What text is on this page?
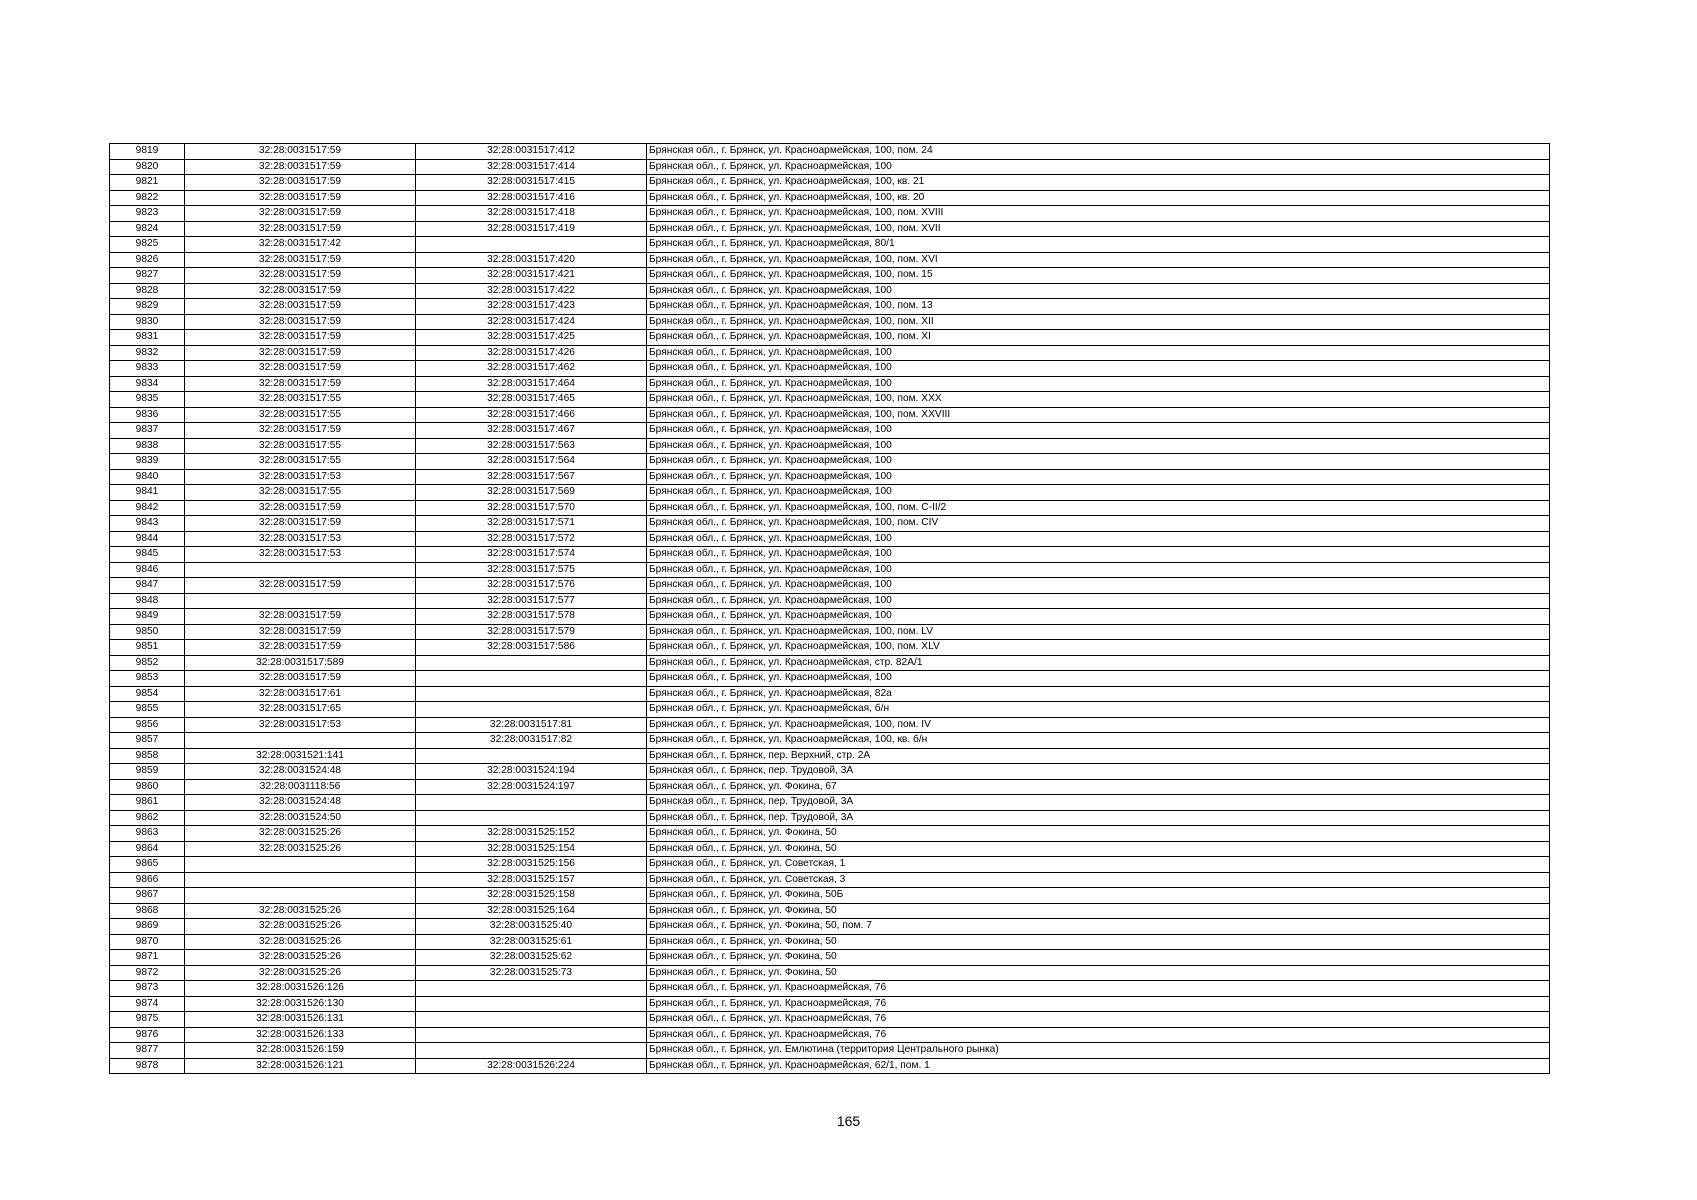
9819	32:28:0031517:59	32:28:0031517:412	Брянская обл., г. Брянск, ул. Красноармейская, 100, пом. 24
9820	32:28:0031517:59	32:28:0031517:414	Брянская обл., г. Брянск, ул. Красноармейская, 100
9821	32:28:0031517:59	32:28:0031517:415	Брянская обл., г. Брянск, ул. Красноармейская, 100, кв. 21
9822	32:28:0031517:59	32:28:0031517:416	Брянская обл., г. Брянск, ул. Красноармейская, 100, кв. 20
9823	32:28:0031517:59	32:28:0031517:418	Брянская обл., г. Брянск, ул. Красноармейская, 100, пом. XVIII
9824	32:28:0031517:59	32:28:0031517:419	Брянская обл., г. Брянск, ул. Красноармейская, 100, пом. XVII
9825	32:28:0031517:42		Брянская обл., г. Брянск, ул. Красноармейская, 80/1
9826	32:28:0031517:59	32:28:0031517:420	Брянская обл., г. Брянск, ул. Красноармейская, 100, пом. XVI
9827	32:28:0031517:59	32:28:0031517:421	Брянская обл., г. Брянск, ул. Красноармейская, 100, пом. 15
9828	32:28:0031517:59	32:28:0031517:422	Брянская обл., г. Брянск, ул. Красноармейская, 100
9829	32:28:0031517:59	32:28:0031517:423	Брянская обл., г. Брянск, ул. Красноармейская, 100, пом. 13
9830	32:28:0031517:59	32:28:0031517:424	Брянская обл., г. Брянск, ул. Красноармейская, 100, пом. XII
9831	32:28:0031517:59	32:28:0031517:425	Брянская обл., г. Брянск, ул. Красноармейская, 100, пом. XI
9832	32:28:0031517:59	32:28:0031517:426	Брянская обл., г. Брянск, ул. Красноармейская, 100
9833	32:28:0031517:59	32:28:0031517:462	Брянская обл., г. Брянск, ул. Красноармейская, 100
9834	32:28:0031517:59	32:28:0031517:464	Брянская обл., г. Брянск, ул. Красноармейская, 100
9835	32:28:0031517:55	32:28:0031517:465	Брянская обл., г. Брянск, ул. Красноармейская, 100, пом. XXX
9836	32:28:0031517:55	32:28:0031517:466	Брянская обл., г. Брянск, ул. Красноармейская, 100, пом. XXVIII
9837	32:28:0031517:59	32:28:0031517:467	Брянская обл., г. Брянск, ул. Красноармейская, 100
9838	32:28:0031517:55	32:28:0031517:563	Брянская обл., г. Брянск, ул. Красноармейская, 100
9839	32:28:0031517:55	32:28:0031517:564	Брянская обл., г. Брянск, ул. Красноармейская, 100
9840	32:28:0031517:53	32:28:0031517:567	Брянская обл., г. Брянск, ул. Красноармейская, 100
9841	32:28:0031517:55	32:28:0031517:569	Брянская обл., г. Брянск, ул. Красноармейская, 100
9842	32:28:0031517:59	32:28:0031517:570	Брянская обл., г. Брянск, ул. Красноармейская, 100, пом. С-II/2
9843	32:28:0031517:59	32:28:0031517:571	Брянская обл., г. Брянск, ул. Красноармейская, 100, пом. CIV
9844	32:28:0031517:53	32:28:0031517:572	Брянская обл., г. Брянск, ул. Красноармейская, 100
9845	32:28:0031517:53	32:28:0031517:574	Брянская обл., г. Брянск, ул. Красноармейская, 100
9846		32:28:0031517:575	Брянская обл., г. Брянск, ул. Красноармейская, 100
9847	32:28:0031517:59	32:28:0031517:576	Брянская обл., г. Брянск, ул. Красноармейская, 100
9848		32:28:0031517:577	Брянская обл., г. Брянск, ул. Красноармейская, 100
9849	32:28:0031517:59	32:28:0031517:578	Брянская обл., г. Брянск, ул. Красноармейская, 100
9850	32:28:0031517:59	32:28:0031517:579	Брянская обл., г. Брянск, ул. Красноармейская, 100, пом. LV
9851	32:28:0031517:59	32:28:0031517:586	Брянская обл., г. Брянск, ул. Красноармейская, 100, пом. XLV
9852	32:28:0031517:589		Брянская обл., г. Брянск, ул. Красноармейская, стр. 82А/1
9853	32:28:0031517:59		Брянская обл., г. Брянск, ул. Красноармейская, 100
9854	32:28:0031517:61		Брянская обл., г. Брянск, ул. Красноармейская, 82а
9855	32:28:0031517:65		Брянская обл., г. Брянск, ул. Красноармейская, б/н
9856	32:28:0031517:53	32:28:0031517:81	Брянская обл., г. Брянск, ул. Красноармейская, 100, пом. IV
9857		32:28:0031517:82	Брянская обл., г. Брянск, ул. Красноармейская, 100, кв. б/н
9858	32:28:0031521:141		Брянская обл., г. Брянск, пер. Верхний, стр. 2А
9859	32:28:0031524:48	32:28:0031524:194	Брянская обл., г. Брянск, пер. Трудовой, 3А
9860	32:28:0031118:56	32:28:0031524:197	Брянская обл., г. Брянск, ул. Фокина, 67
9861	32:28:0031524:48		Брянская обл., г. Брянск, пер. Трудовой, 3А
9862	32:28:0031524:50		Брянская обл., г. Брянск, пер. Трудовой, 3А
9863	32:28:0031525:26	32:28:0031525:152	Брянская обл., г. Брянск, ул. Фокина, 50
9864	32:28:0031525:26	32:28:0031525:154	Брянская обл., г. Брянск, ул. Фокина, 50
9865		32:28:0031525:156	Брянская обл., г. Брянск, ул. Советская, 1
9866		32:28:0031525:157	Брянская обл., г. Брянск, ул. Советская, 3
9867		32:28:0031525:158	Брянская обл., г. Брянск, ул. Фокина, 50Б
9868	32:28:0031525:26	32:28:0031525:164	Брянская обл., г. Брянск, ул. Фокина, 50
9869	32:28:0031525:26	32:28:0031525:40	Брянская обл., г. Брянск, ул. Фокина, 50, пом. 7
9870	32:28:0031525:26	32:28:0031525:61	Брянская обл., г. Брянск, ул. Фокина, 50
9871	32:28:0031525:26	32:28:0031525:62	Брянская обл., г. Брянск, ул. Фокина, 50
9872	32:28:0031525:26	32:28:0031525:73	Брянская обл., г. Брянск, ул. Фокина, 50
9873	32:28:0031526:126		Брянская обл., г. Брянск, ул. Красноармейская, 76
9874	32:28:0031526:130		Брянская обл., г. Брянск, ул. Красноармейская, 76
9875	32:28:0031526:131		Брянская обл., г. Брянск, ул. Красноармейская, 76
9876	32:28:0031526:133		Брянская обл., г. Брянск, ул. Красноармейская, 76
9877	32:28:0031526:159		Брянская обл., г. Брянск, ул. Емлютина (территория Центрального рынка)
9878	32:28:0031526:121	32:28:0031526:224	Брянская обл., г. Брянск, ул. Красноармейская, 62/1, пом. 1
165
